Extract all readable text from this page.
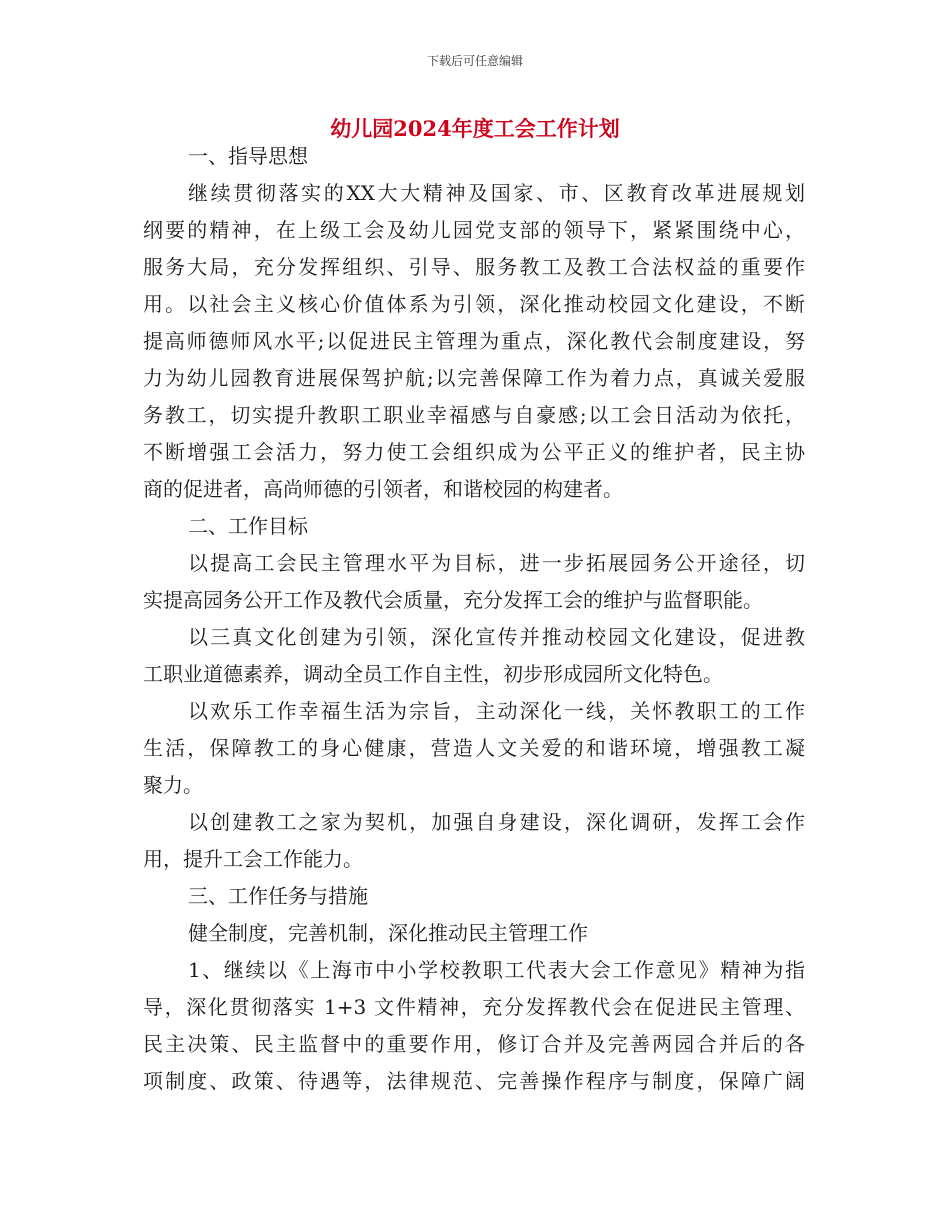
下载后可任意编辑
幼儿园2024年度工会工作计划
一、指导思想
继续贯彻落实的XX大大精神及国家、市、区教育改革进展规划
纲要的精神，在上级工会及幼儿园党支部的领导下，紧紧围绕中心，
服务大局，充分发挥组织、引导、服务教工及教工合法权益的重要作
用。以社会主义核心价值体系为引领，深化推动校园文化建设，不断
提高师德师风水平;以促进民主管理为重点，深化教代会制度建设，努
力为幼儿园教育进展保驾护航;以完善保障工作为着力点，真诚关爱服
务教工，切实提升教职工职业幸福感与自豪感;以工会日活动为依托，
不断增强工会活力，努力使工会组织成为公平正义的维护者，民主协
商的促进者，高尚师德的引领者，和谐校园的构建者。
二、工作目标
以提高工会民主管理水平为目标，进一步拓展园务公开途径，切
实提高园务公开工作及教代会质量，充分发挥工会的维护与监督职能。
以三真文化创建为引领，深化宣传并推动校园文化建设，促进教
工职业道德素养，调动全员工作自主性，初步形成园所文化特色。
以欢乐工作幸福生活为宗旨，主动深化一线，关怀教职工的工作
生活，保障教工的身心健康，营造人文关爱的和谐环境，增强教工凝
聚力。
以创建教工之家为契机，加强自身建设，深化调研，发挥工会作
用，提升工会工作能力。
三、工作任务与措施
健全制度，完善机制，深化推动民主管理工作
1、继续以《上海市中小学校教职工代表大会工作意见》精神为指
导，深化贯彻落实 1+3 文件精神，充分发挥教代会在促进民主管理、
民主决策、民主监督中的重要作用，修订合并及完善两园合并后的各
项制度、政策、待遇等，法律规范、完善操作程序与制度，保障广阔
